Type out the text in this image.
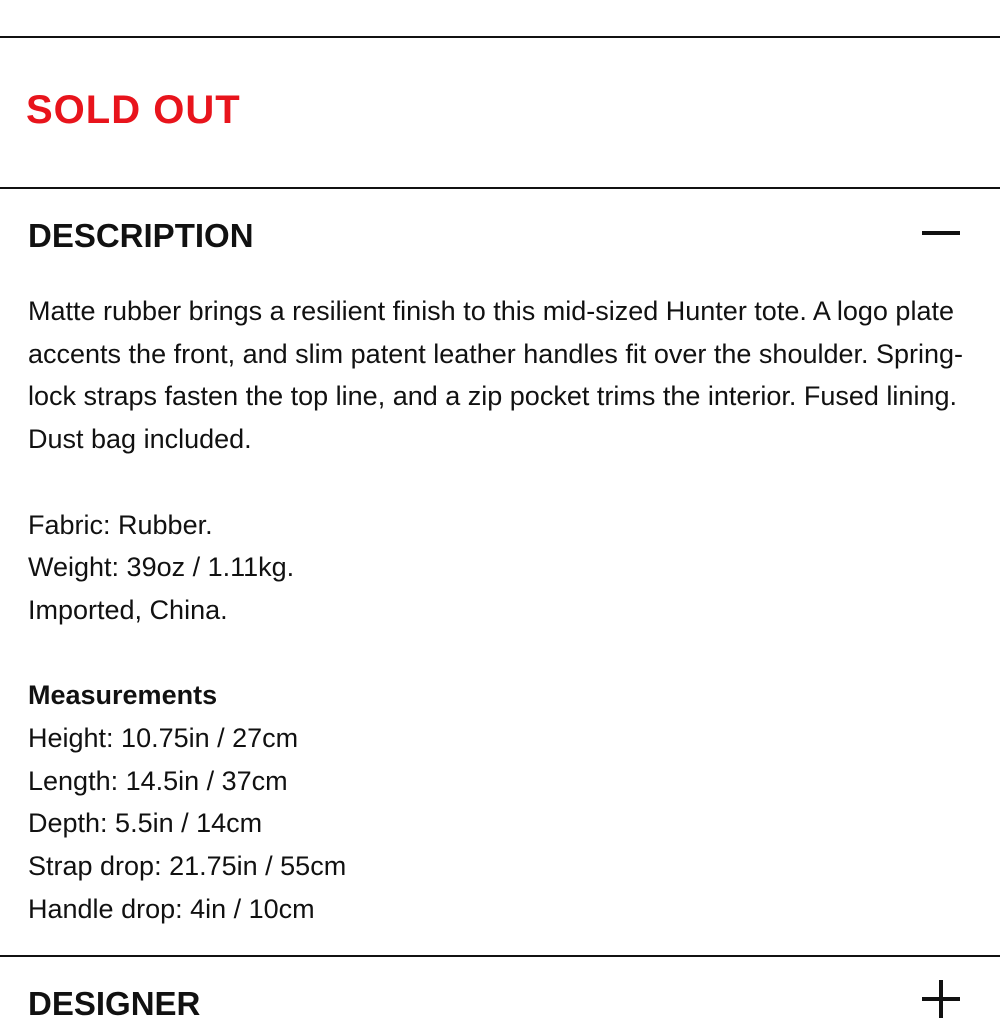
SOLD OUT
DESCRIPTION

Matte rubber brings a resilient finish to this mid-sized Hunter tote. A logo plate accents the front, and slim patent leather handles fit over the shoulder. Spring-lock straps fasten the top line, and a zip pocket trims the interior. Fused lining. Dust bag included.

Fabric: Rubber.

Weight: 39oz / 1.11kg.

Imported, China.

Measurements

Height: 10.75in / 27cm

Length: 14.5in / 37cm

Depth: 5.5in / 14cm

Strap drop: 21.75in / 55cm

Handle drop: 4in / 10cm

DESIGNER
